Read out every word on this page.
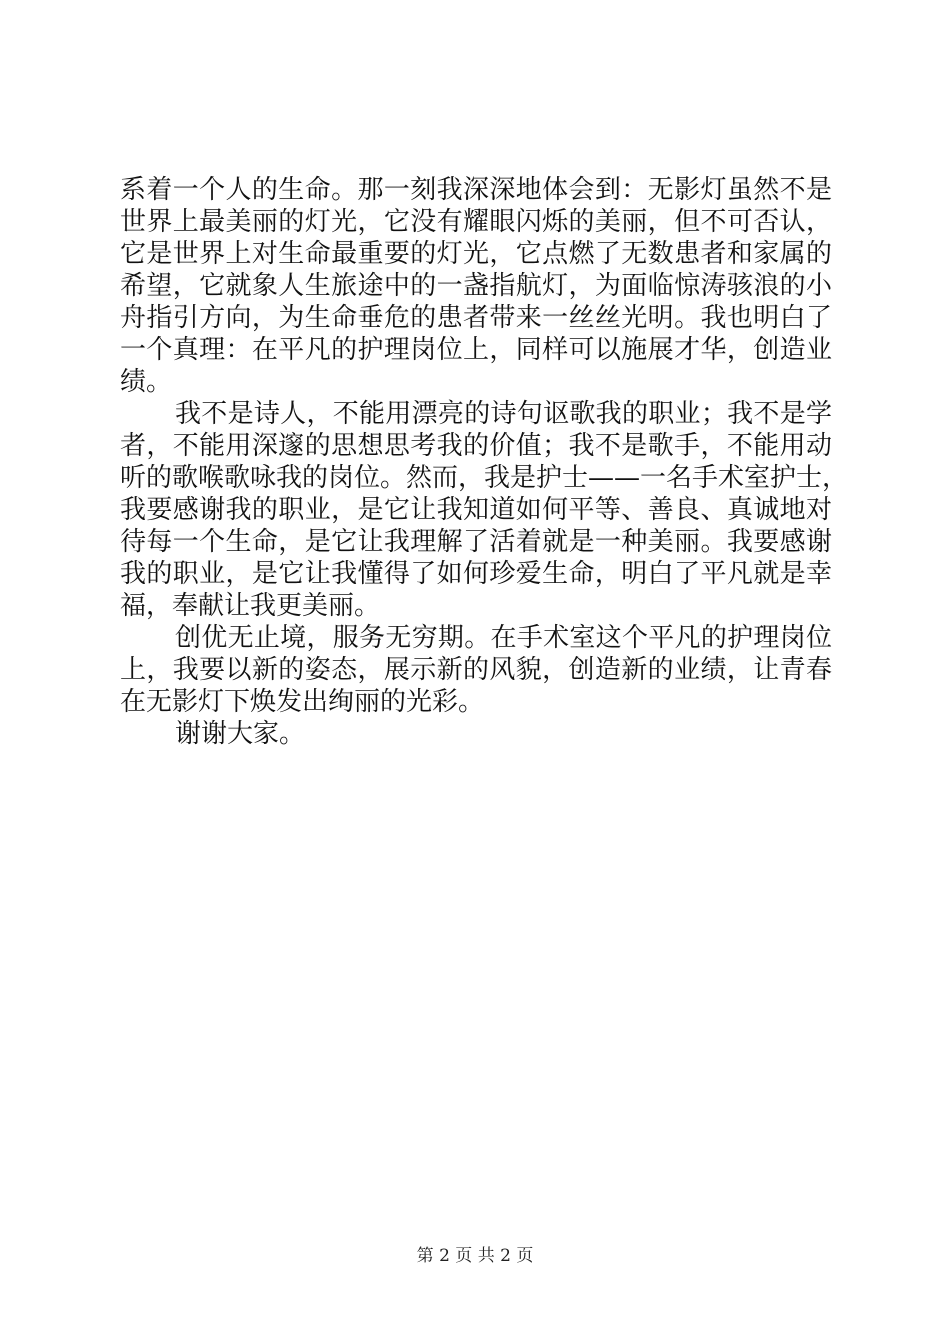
系着一个人的生命。那一刻我深深地体会到：无影灯虽然不是
世界上最美丽的灯光，它没有耀眼闪烁的美丽，但不可否认，
它是世界上对生命最重要的灯光，它点燃了无数患者和家属的
希望，它就象人生旅途中的一盏指航灯，为面临惊涛骇浪的小
舟指引方向，为生命垂危的患者带来一丝丝光明。我也明白了
一个真理：在平凡的护理岗位上，同样可以施展才华，创造业
绩。
我不是诗人，不能用漂亮的诗句讴歌我的职业；我不是学
者，不能用深邃的思想思考我的价值；我不是歌手，不能用动
听的歌喉歌咏我的岗位。然而，我是护士——一名手术室护士，
我要感谢我的职业，是它让我知道如何平等、善良、真诚地对
待每一个生命，是它让我理解了活着就是一种美丽。我要感谢
我的职业，是它让我懂得了如何珍爱生命，明白了平凡就是幸
福，奉献让我更美丽。
创优无止境，服务无穷期。在手术室这个平凡的护理岗位
上，我要以新的姿态，展示新的风貌，创造新的业绩，让青春
在无影灯下焕发出绚丽的光彩。
谢谢大家。
第 2 页 共 2 页
